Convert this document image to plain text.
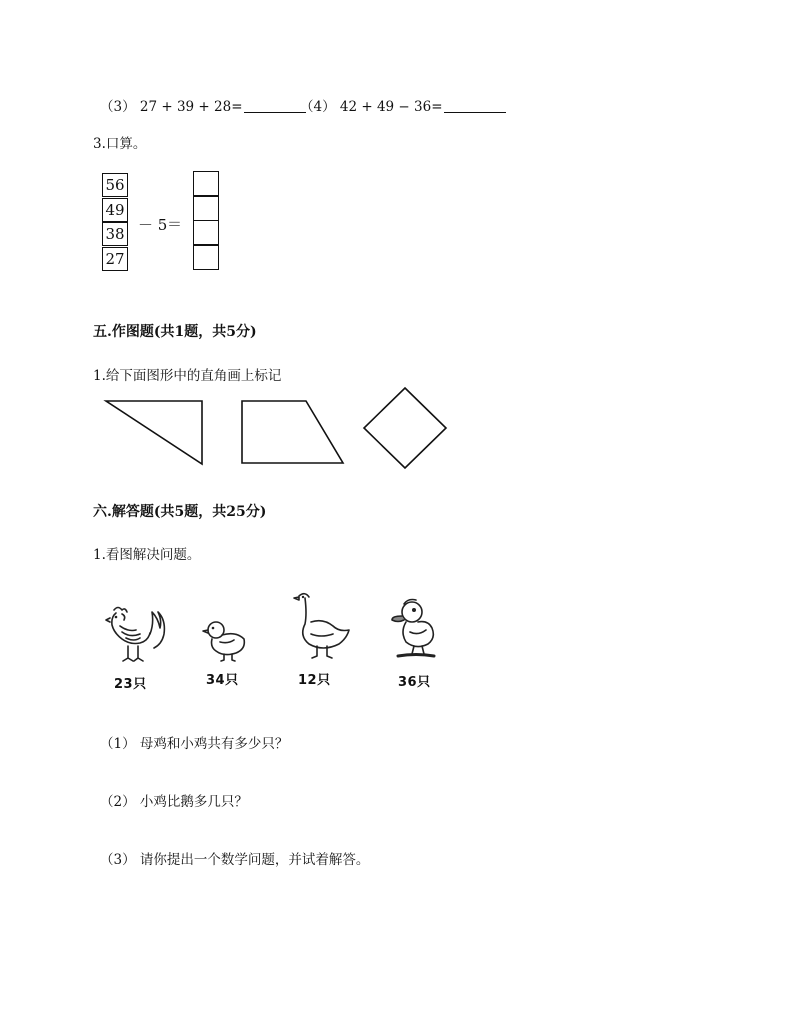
（3） 27 + 39 + 28=	（4） 42 + 49 − 36=
3.口算。
56
49
38
27
－ 5 ＝
五.作图题(共1题，共5分)
1.给下面图形中的直角画上标记
六.解答题(共5题，共25分)
1.看图解决问题。
23只	34只	12只	36只
（1） 母鸡和小鸡共有多少只？
（2） 小鸡比鹅多几只？
（3） 请你提出一个数学问题，并试着解答。
